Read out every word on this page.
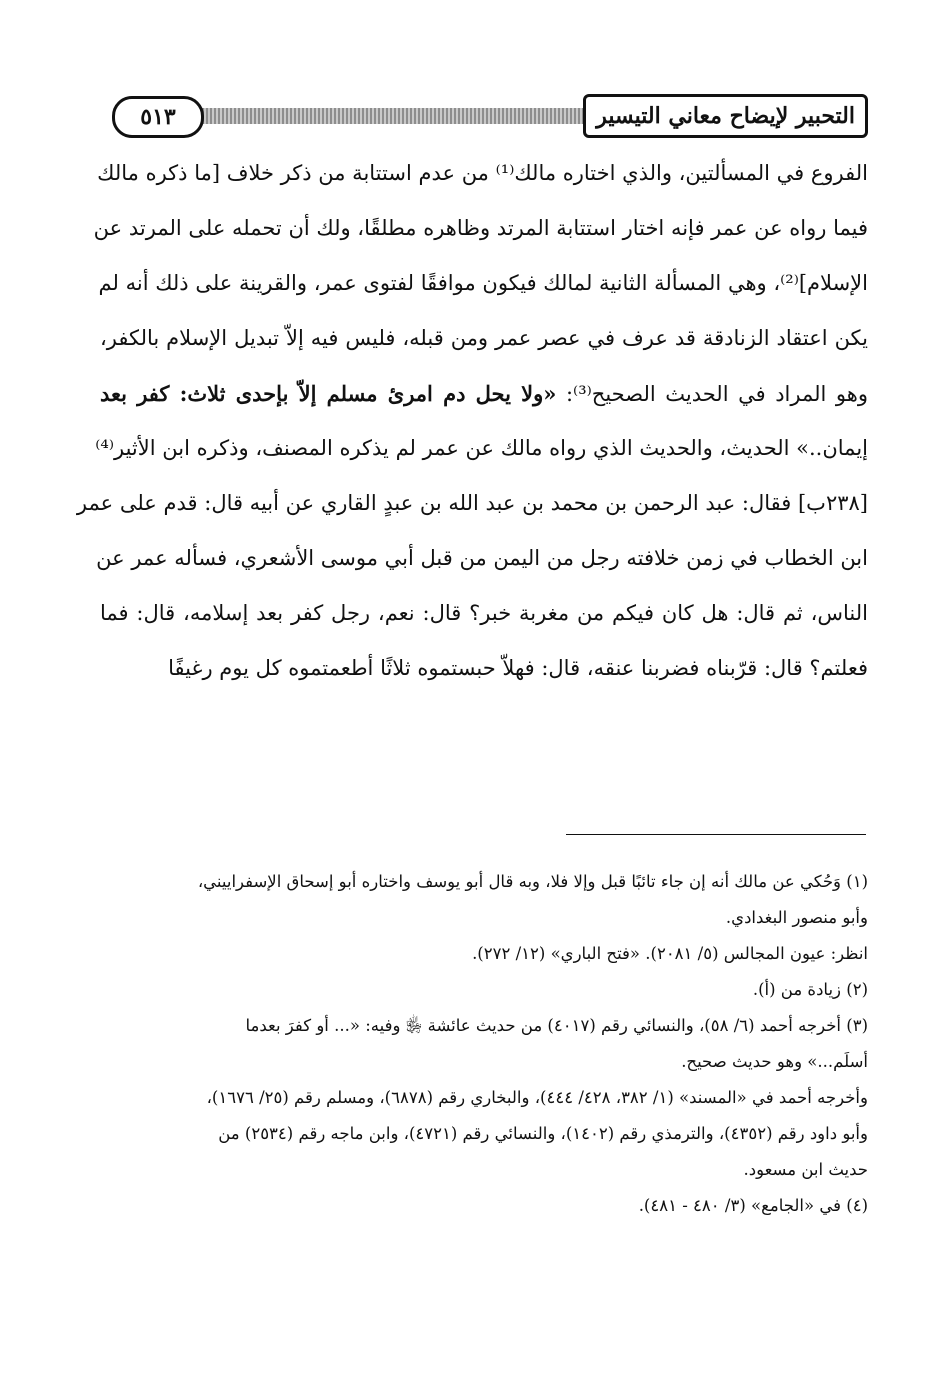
٥١٣	التحبير لإيضاح معاني التيسير
الفروع في المسألتين، والذي اختاره مالك⁽¹⁾ من عدم استتابة من ذكر خلاف [ما ذكره مالك
فيما رواه عن عمر فإنه اختار استتابة المرتد وظاهره مطلقًا، ولك أن تحمله على المرتد عن
الإسلام]⁽²⁾، وهي المسألة الثانية لمالك فيكون موافقًا لفتوى عمر، والقرينة على ذلك أنه لم
يكن اعتقاد الزنادقة قد عرف في عصر عمر ومن قبله، فليس فيه إلاّ تبديل الإسلام بالكفر،
وهو المراد في الحديث الصحيح⁽³⁾: «ولا يحل دم امرئ مسلم إلاّ بإحدى ثلاث: كفر بعد
إيمان..» الحديث، والحديث الذي رواه مالك عن عمر لم يذكره المصنف، وذكره ابن الأثير⁽⁴⁾
[٢٣٨ب] فقال: عبد الرحمن بن محمد بن عبد الله بن عبدٍ القاري عن أبيه قال: قدم على عمر
ابن الخطاب في زمن خلافته رجل من اليمن من قبل أبي موسى الأشعري، فسأله عمر عن
الناس، ثم قال: هل كان فيكم من مغربة خبر؟ قال: نعم، رجل كفر بعد إسلامه، قال: فما
فعلتم؟ قال: قرّبناه فضربنا عنقه، قال: فهلاّ حبستموه ثلاثًا أطعمتموه كل يوم رغيفًا
(١) وَحُكي عن مالك أنه إن جاء تائبًا قبل وإلا فلا، وبه قال أبو يوسف واختاره أبو إسحاق الإسفراييني،
وأبو منصور البغدادي.
انظر: عيون المجالس (٥/ ٢٠٨١). «فتح الباري» (١٢/ ٢٧٢).
(٢) زيادة من (أ).
(٣) أخرجه أحمد (٦/ ٥٨)، والنسائي رقم (٤٠١٧) من حديث عائشة ﵂ وفيه: «... أو كفرَ بعدما
أسلَم...» وهو حديث صحيح.
وأخرجه أحمد في «المسند» (١/ ٣٨٢، ٤٢٨/ ٤٤٤)، والبخاري رقم (٦٨٧٨)، ومسلم رقم (٢٥/ ١٦٧٦)،
وأبو داود رقم (٤٣٥٢)، والترمذي رقم (١٤٠٢)، والنسائي رقم (٤٧٢١)، وابن ماجه رقم (٢٥٣٤) من
حديث ابن مسعود.
(٤) في «الجامع» (٣/ ٤٨٠ - ٤٨١).
